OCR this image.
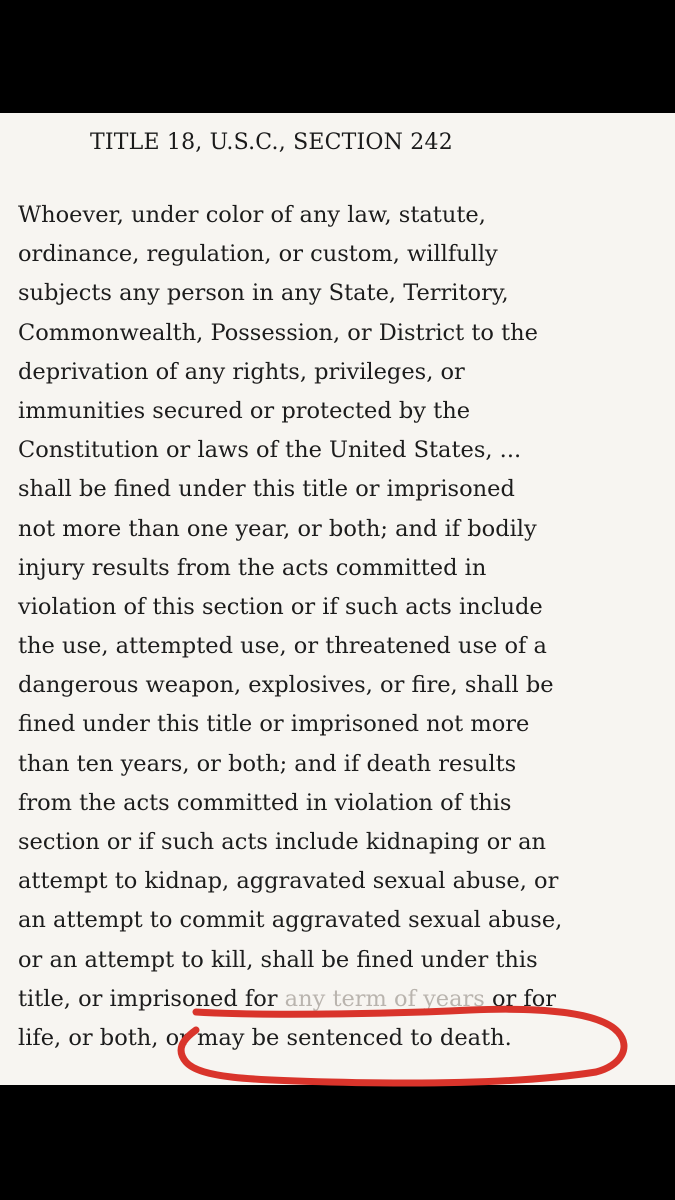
TITLE 18, U.S.C., SECTION 242
Whoever, under color of any law, statute,
ordinance, regulation, or custom, willfully
subjects any person in any State, Territory,
Commonwealth, Possession, or District to the
deprivation of any rights, privileges, or
immunities secured or protected by the
Constitution or laws of the United States, ...
shall be fined under this title or imprisoned
not more than one year, or both; and if bodily
injury results from the acts committed in
violation of this section or if such acts include
the use, attempted use, or threatened use of a
dangerous weapon, explosives, or fire, shall be
fined under this title or imprisoned not more
than ten years, or both; and if death results
from the acts committed in violation of this
section or if such acts include kidnaping or an
attempt to kidnap, aggravated sexual abuse, or
an attempt to commit aggravated sexual abuse,
or an attempt to kill, shall be fined under this
title, or imprisoned for any term of years or for
life, or both, or may be sentenced to death.
